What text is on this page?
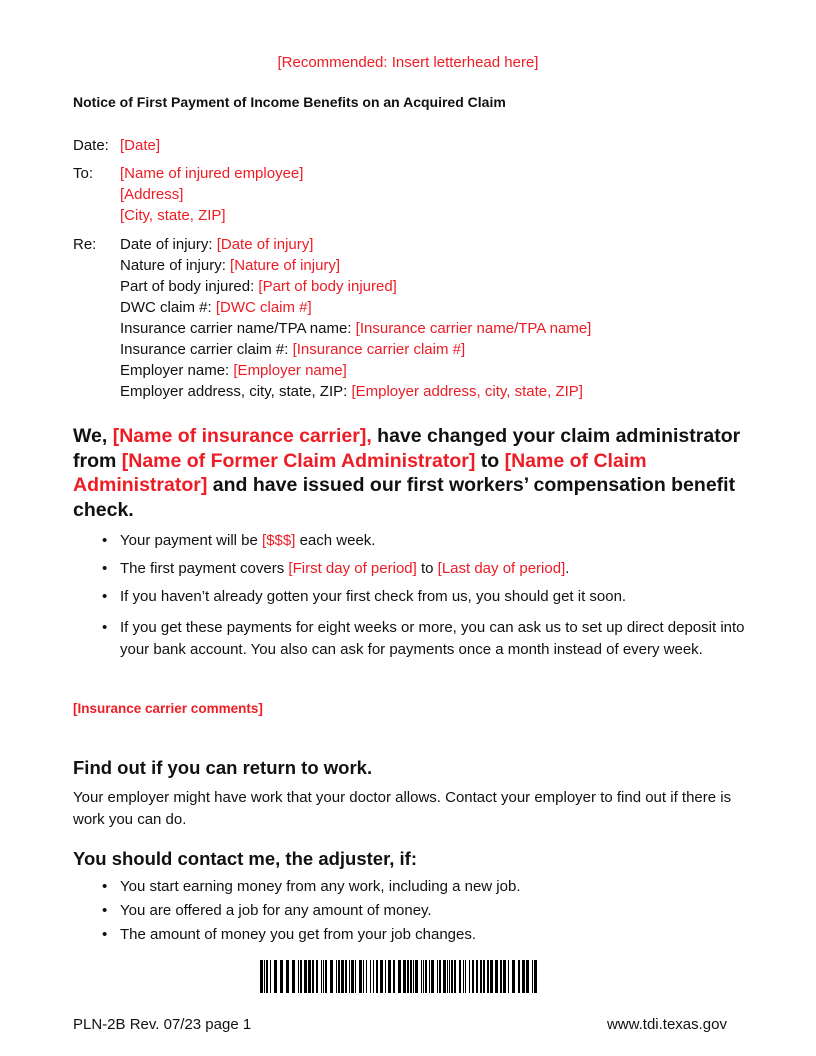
[Recommended: Insert letterhead here]
Notice of First Payment of Income Benefits on an Acquired Claim
Date: [Date]
To: [Name of injured employee]
[Address]
[City, state, ZIP]
Re: Date of injury: [Date of injury]
Nature of injury: [Nature of injury]
Part of body injured: [Part of body injured]
DWC claim #: [DWC claim #]
Insurance carrier name/TPA name: [Insurance carrier name/TPA name]
Insurance carrier claim #: [Insurance carrier claim #]
Employer name: [Employer name]
Employer address, city, state, ZIP: [Employer address, city, state, ZIP]
We, [Name of insurance carrier], have changed your claim administrator from [Name of Former Claim Administrator] to [Name of Claim Administrator] and have issued our first workers’ compensation benefit check.
• Your payment will be [$$$] each week.
• The first payment covers [First day of period] to [Last day of period].
• If you haven’t already gotten your first check from us, you should get it soon.
• If you get these payments for eight weeks or more, you can ask us to set up direct deposit into your bank account. You also can ask for payments once a month instead of every week.
[Insurance carrier comments]
Find out if you can return to work.
Your employer might have work that your doctor allows. Contact your employer to find out if there is work you can do.
You should contact me, the adjuster, if:
• You start earning money from any work, including a new job.
• You are offered a job for any amount of money.
• The amount of money you get from your job changes.
PLN-2B Rev. 07/23 page 1	www.tdi.texas.gov
